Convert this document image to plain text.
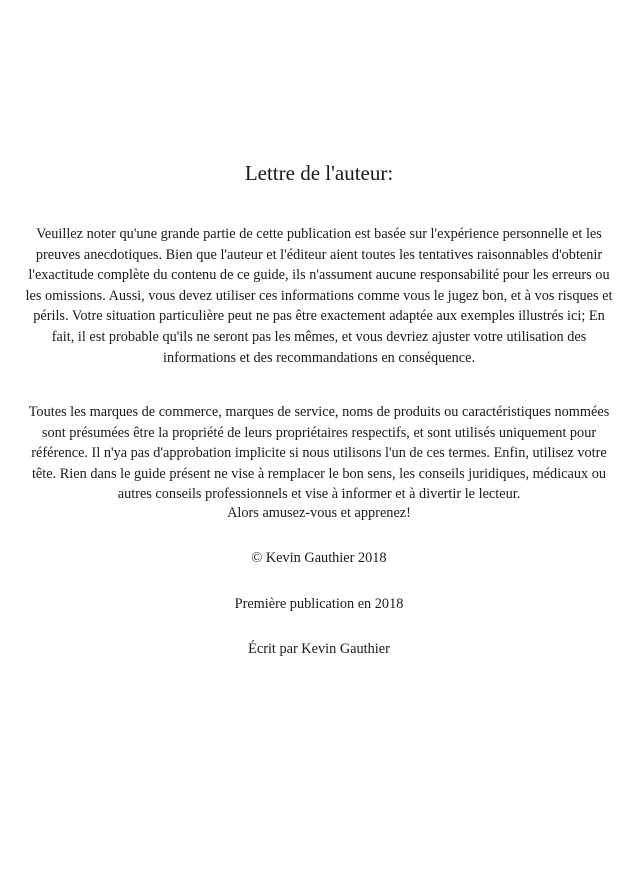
Lettre de l'auteur:

Veuillez noter qu'une grande partie de cette publication est basée sur l'expérience personnelle et les preuves anecdotiques. Bien que l'auteur et l'éditeur aient toutes les tentatives raisonnables d'obtenir l'exactitude complète du contenu de ce guide, ils n'assument aucune responsabilité pour les erreurs ou les omissions. Aussi, vous devez utiliser ces informations comme vous le jugez bon, et à vos risques et périls. Votre situation particulière peut ne pas être exactement adaptée aux exemples illustrés ici; En fait, il est probable qu'ils ne seront pas les mêmes, et vous devriez ajuster votre utilisation des informations et des recommandations en conséquence.

Toutes les marques de commerce, marques de service, noms de produits ou caractéristiques nommées sont présumées être la propriété de leurs propriétaires respectifs, et sont utilisés uniquement pour référence. Il n'ya pas d'approbation implicite si nous utilisons l'un de ces termes. Enfin, utilisez votre tête. Rien dans le guide présent ne vise à remplacer le bon sens, les conseils juridiques, médicaux ou autres conseils professionnels et vise à informer et à divertir le lecteur.

Alors amusez-vous et apprenez!

© Kevin Gauthier 2018

Première publication en 2018

Écrit par Kevin Gauthier
